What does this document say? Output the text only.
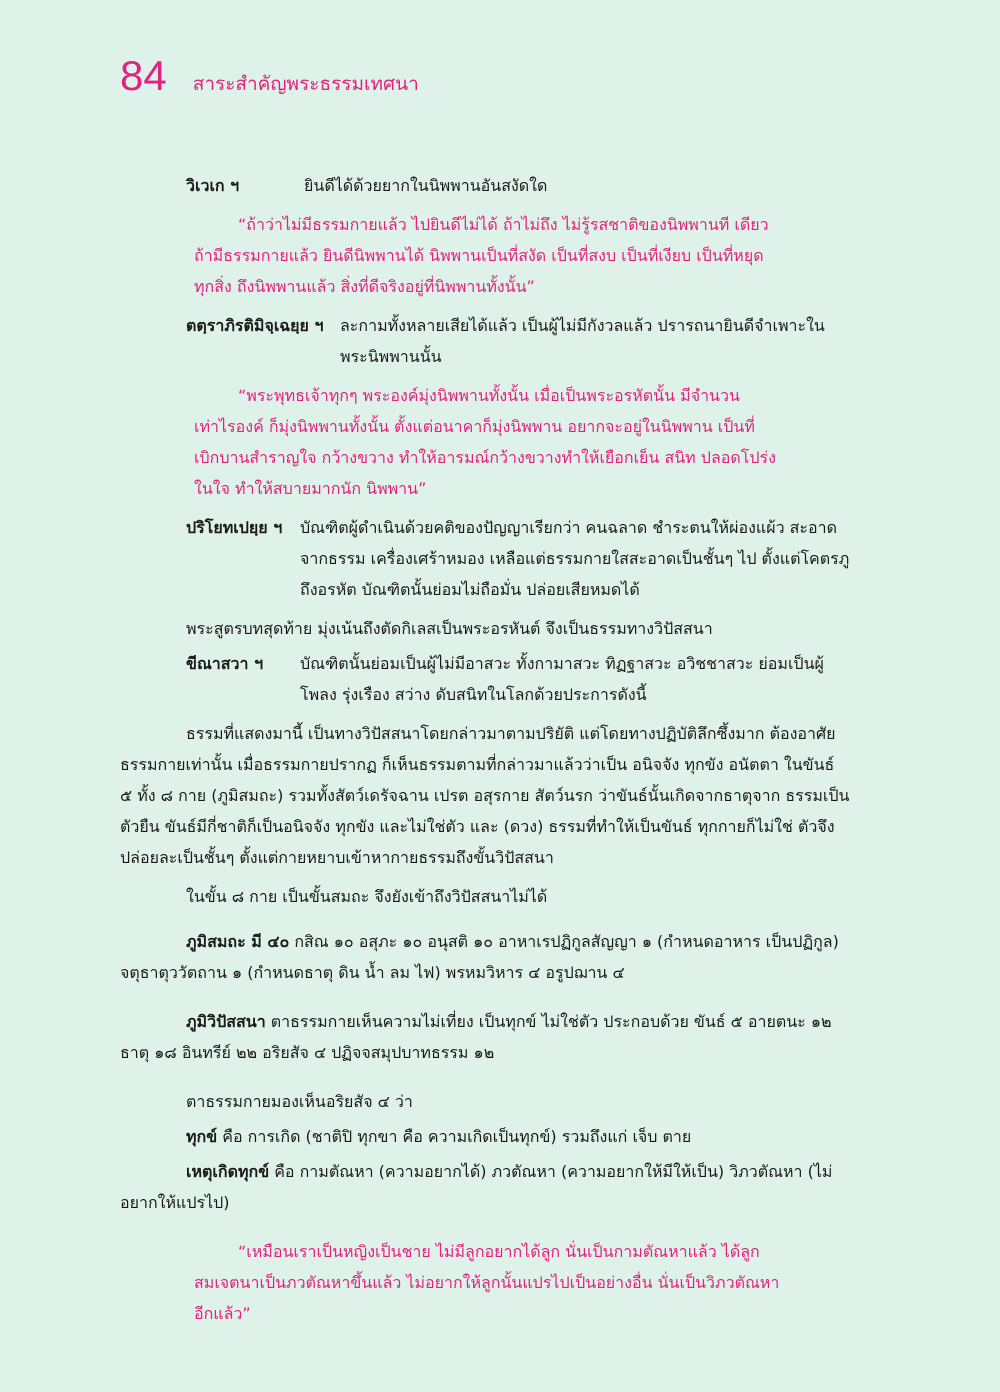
84 สาระสำคัญพระธรรมเทศนา
วิเวเก ฯ	ยินดีได้ด้วยยากในนิพพานอันสงัดใด
“ถ้าว่าไม่มีธรรมกายแล้ว ไปยินดีไม่ได้ ถ้าไม่ถึง ไม่รู้รสชาติของนิพพานที เดียว ถ้ามีธรรมกายแล้ว ยินดีนิพพานได้ นิพพานเป็นที่สงัด เป็นที่สงบ เป็นที่เงียบ เป็นที่หยุดทุกสิ่ง ถึงนิพพานแล้ว สิ่งที่ดีจริงอยู่ที่นิพพานทั้งนั้น”
ตตฺราภิรติมิจฺเฉยฺย ฯ	ละกามทั้งหลายเสียได้แล้ว เป็นผู้ไม่มีกังวลแล้ว ปรารถนายินดีจำเพาะในพระนิพพานนั้น
“พระพุทธเจ้าทุกๆ พระองค์มุ่งนิพพานทั้งนั้น เมื่อเป็นพระอรหัตนั้น มีจำนวนเท่าไรองค์ ก็มุ่งนิพพานทั้งนั้น ตั้งแต่อนาคาก็มุ่งนิพพาน อยากจะอยู่ในนิพพาน เป็นที่เบิกบานสำราญใจ กว้างขวาง ทำให้อารมณ์กว้างขวางทำให้เยือกเย็น สนิท ปลอดโปร่งในใจ ทำให้สบายมากนัก นิพพาน”
ปริโยทเปยฺย ฯ	บัณฑิตผู้ดำเนินด้วยคติของปัญญาเรียกว่า คนฉลาด ชำระตนให้ผ่องแผ้ว สะอาด จากธรรม เครื่องเศร้าหมอง เหลือแต่ธรรมกายใสสะอาดเป็นชั้นๆ ไป ตั้งแต่โคตรภู ถึงอรหัต บัณฑิตนั้นย่อมไม่ถือมั่น ปล่อยเสียหมดได้
พระสูตรบทสุดท้าย มุ่งเน้นถึงตัดกิเลสเป็นพระอรหันต์ จึงเป็นธรรมทางวิปัสสนา
ขีณาสวา ฯ	บัณฑิตนั้นย่อมเป็นผู้ไม่มีอาสวะ ทั้งกามาสวะ ทิฏฐาสวะ อวิชชาสวะ ย่อมเป็นผู้โพลง รุ่งเรือง สว่าง ดับสนิทในโลกด้วยประการดังนี้
ธรรมที่แสดงมานี้ เป็นทางวิปัสสนาโดยกล่าวมาตามปริยัติ แต่โดยทางปฏิบัติลึกซึ้งมาก ต้องอาศัยธรรมกายเท่านั้น เมื่อธรรมกายปรากฏ ก็เห็นธรรมตามที่กล่าวมาแล้วว่าเป็น อนิจจัง ทุกขัง อนัตตา ในขันธ์ ๕ ทั้ง ๘ กาย (ภูมิสมถะ) รวมทั้งสัตว์เดรัจฉาน เปรต อสุรกาย สัตว์นรก ว่าขันธ์นั้นเกิดจากธาตุจาก ธรรมเป็นตัวยืน ขันธ์มีกี่ชาติก็เป็นอนิจจัง ทุกขัง และไม่ใช่ตัว และ (ดวง) ธรรมที่ทำให้เป็นขันธ์ ทุกกายก็ไม่ใช่ ตัวจึงปล่อยละเป็นชั้นๆ ตั้งแต่กายหยาบเข้าหากายธรรมถึงขั้นวิปัสสนา
ในขั้น ๘ กาย เป็นขั้นสมถะ จึงยังเข้าถึงวิปัสสนาไม่ได้
ภูมิสมถะ มี ๔๐ กสิณ ๑๐ อสุภะ ๑๐ อนุสติ ๑๐ อาหาเรปฏิกูลสัญญา ๑ (กำหนดอาหาร เป็นปฏิกูล) จตุธาตุววัตถาน ๑ (กำหนดธาตุ ดิน น้ำ ลม ไฟ) พรหมวิหาร ๔ อรูปฌาน ๔
ภูมิวิปัสสนา ตาธรรมกายเห็นความไม่เที่ยง เป็นทุกข์ ไม่ใช่ตัว ประกอบด้วย ขันธ์ ๕ อายตนะ ๑๒ ธาตุ ๑๘ อินทรีย์ ๒๒ อริยสัจ ๔ ปฏิจจสมุปบาทธรรม ๑๒
ตาธรรมกายมองเห็นอริยสัจ ๔ ว่า
ทุกข์ คือ การเกิด (ชาติปิ ทุกขา คือ ความเกิดเป็นทุกข์) รวมถึงแก่ เจ็บ ตาย
เหตุเกิดทุกข์ คือ กามตัณหา (ความอยากได้) ภวตัณหา (ความอยากให้มีให้เป็น) วิภวตัณหา (ไม่อยากให้แปรไป)
“เหมือนเราเป็นหญิงเป็นชาย ไม่มีลูกอยากได้ลูก นั่นเป็นกามตัณหาแล้ว ได้ลูก สมเจตนาเป็นภวตัณหาขึ้นแล้ว ไม่อยากให้ลูกนั้นแปรไปเป็นอย่างอื่น นั่นเป็นวิภวตัณหาอีกแล้ว”
